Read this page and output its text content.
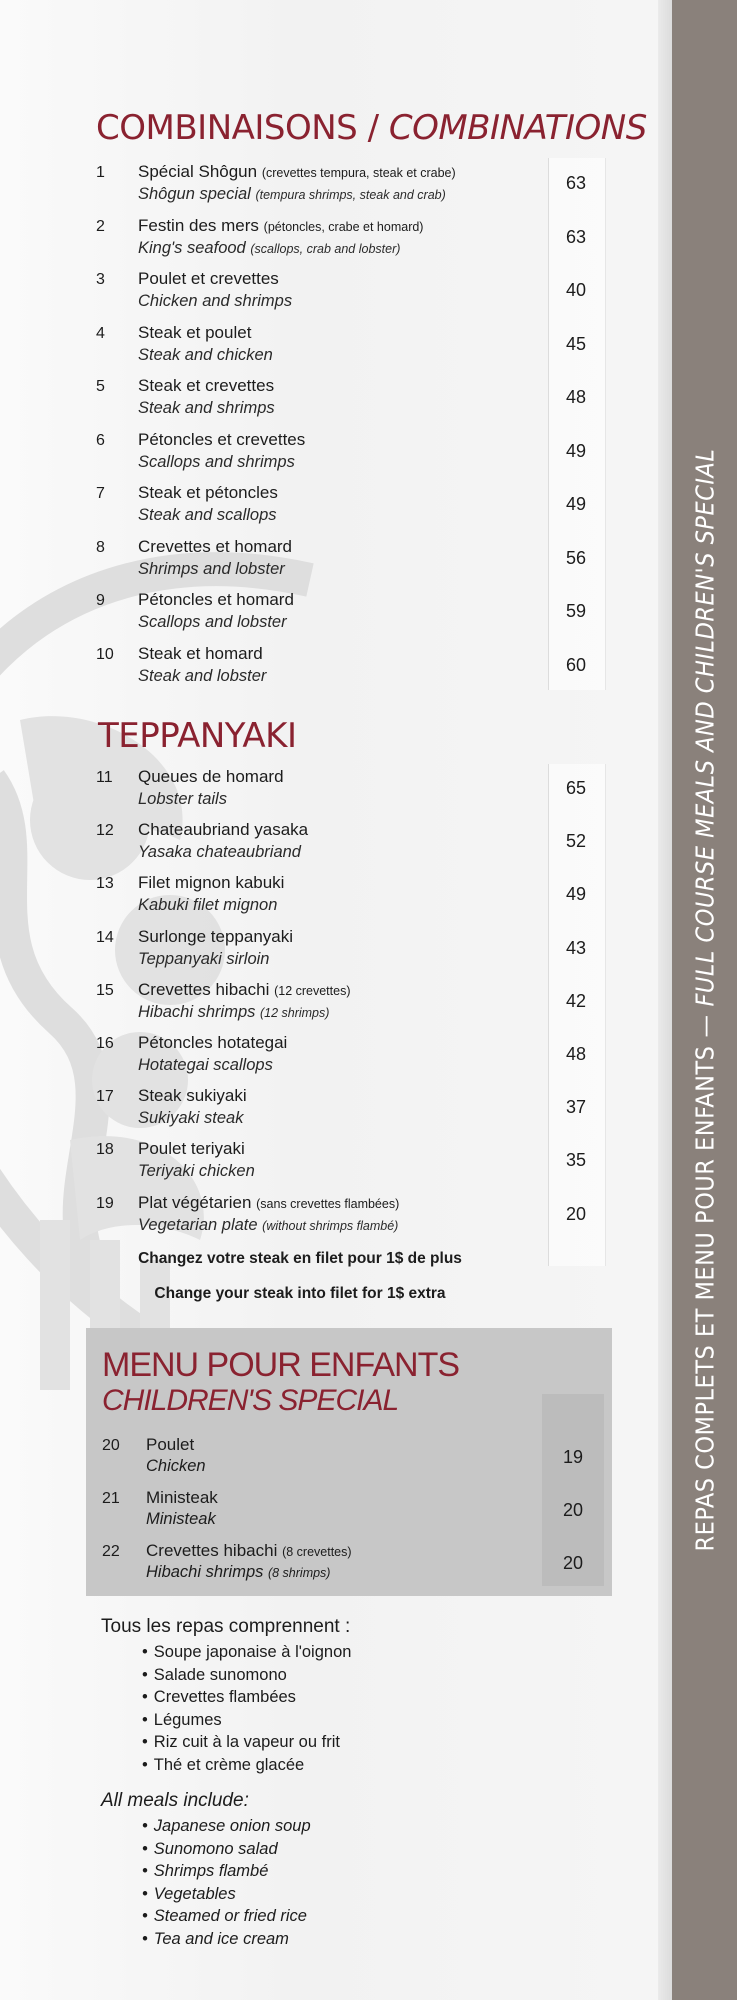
REPAS COMPLETS ET MENU POUR ENFANTS—FULL COURSE MEALS AND CHILDREN'S SPECIAL
COMBINAISONS / COMBINATIONS
1 Spécial Shôgun (crevettes tempura, steak et crabe)
Shôgun special (tempura shrimps, steak and crab)
63
2 Festin des mers (pétoncles, crabe et homard)
King's seafood (scallops, crab and lobster)
63
3 Poulet et crevettes
Chicken and shrimps
40
4 Steak et poulet
Steak and chicken
45
5 Steak et crevettes
Steak and shrimps
48
6 Pétoncles et crevettes
Scallops and shrimps
49
7 Steak et pétoncles
Steak and scallops
49
8 Crevettes et homard
Shrimps and lobster
56
9 Pétoncles et homard
Scallops and lobster
59
10 Steak et homard
Steak and lobster
60
TEPPANYAKI
11 Queues de homard
Lobster tails
65
12 Chateaubriand yasaka
Yasaka chateaubriand
52
13 Filet mignon kabuki
Kabuki filet mignon
49
14 Surlonge teppanyaki
Teppanyaki sirloin
43
15 Crevettes hibachi (12 crevettes)
Hibachi shrimps (12 shrimps)
42
16 Pétoncles hotategai
Hotategai scallops
48
17 Steak sukiyaki
Sukiyaki steak
37
18 Poulet teriyaki
Teriyaki chicken
35
19 Plat végétarien (sans crevettes flambées)
Vegetarian plate (without shrimps flambé)
20
Changez votre steak en filet pour 1$ de plus
Change your steak into filet for 1$ extra
MENU POUR ENFANTS
CHILDREN'S SPECIAL
20 Poulet
Chicken	19
21 Ministeak
Ministeak	20
22 Crevettes hibachi (8 crevettes)
Hibachi shrimps (8 shrimps)	20
Tous les repas comprennent :
• Soupe japonaise à l'oignon
• Salade sunomono
• Crevettes flambées
• Légumes
• Riz cuit à la vapeur ou frit
• Thé et crème glacée
All meals include:
• Japanese onion soup
• Sunomono salad
• Shrimps flambé
• Vegetables
• Steamed or fried rice
• Tea and ice cream
